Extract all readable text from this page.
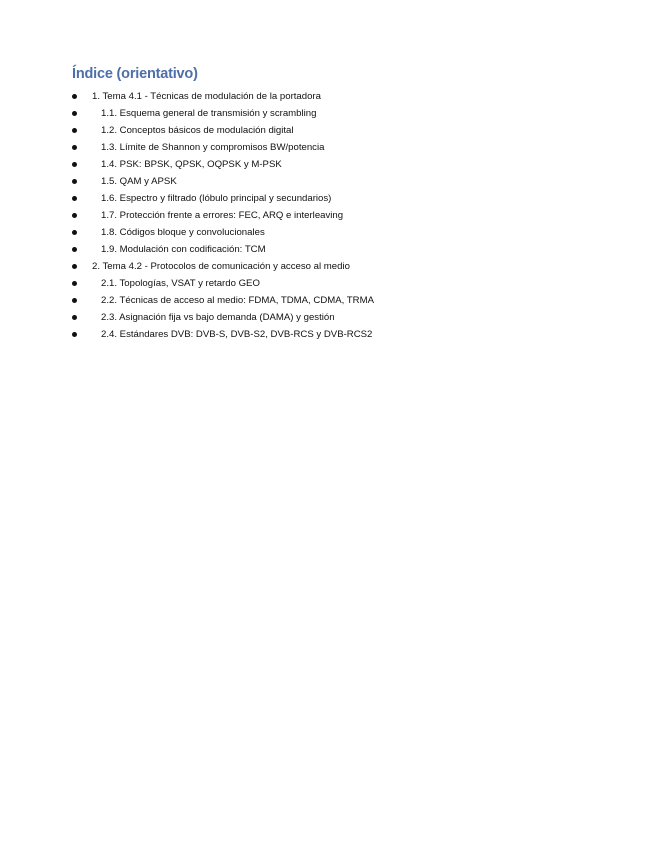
Índice (orientativo)
1. Tema 4.1 - Técnicas de modulación de la portadora
1.1. Esquema general de transmisión y scrambling
1.2. Conceptos básicos de modulación digital
1.3. Límite de Shannon y compromisos BW/potencia
1.4. PSK: BPSK, QPSK, OQPSK y M-PSK
1.5. QAM y APSK
1.6. Espectro y filtrado (lóbulo principal y secundarios)
1.7. Protección frente a errores: FEC, ARQ e interleaving
1.8. Códigos bloque y convolucionales
1.9. Modulación con codificación: TCM
2. Tema 4.2 - Protocolos de comunicación y acceso al medio
2.1. Topologías, VSAT y retardo GEO
2.2. Técnicas de acceso al medio: FDMA, TDMA, CDMA, TRMA
2.3. Asignación fija vs bajo demanda (DAMA) y gestión
2.4. Estándares DVB: DVB-S, DVB-S2, DVB-RCS y DVB-RCS2
